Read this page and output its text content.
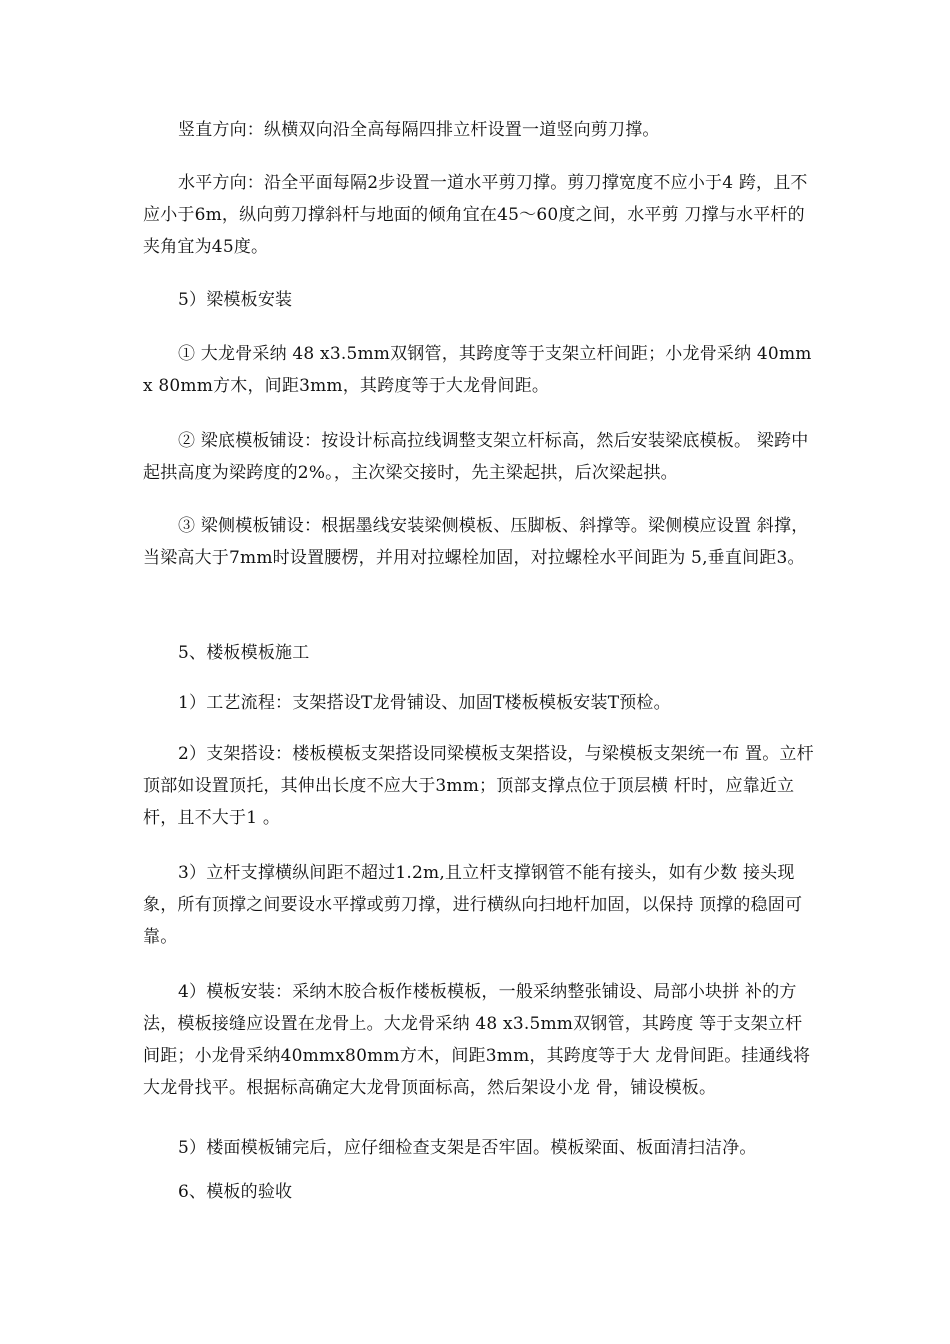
竖直方向：纵横双向沿全高每隔四排立杆设置一道竖向剪刀撑。

水平方向：沿全平面每隔2步设置一道水平剪刀撑。剪刀撑宽度不应小于4 跨，且不应小于6m，纵向剪刀撑斜杆与地面的倾角宜在45〜60度之间，水平剪 刀撑与水平杆的夹角宜为45度。

5）梁模板安装

① 大龙骨采纳 48 x3.5mm双钢管，其跨度等于支架立杆间距；小龙骨采纳 40mm x 80mm方木，间距3mm，其跨度等于大龙骨间距。

② 梁底模板铺设：按设计标高拉线调整支架立杆标高，然后安装梁底模板。 梁跨中起拱高度为梁跨度的2%。，主次梁交接时，先主梁起拱，后次梁起拱。

③ 梁侧模板铺设：根据墨线安装梁侧模板、压脚板、斜撑等。梁侧模应设置 斜撑，当梁高大于7mm时设置腰楞，并用对拉螺栓加固，对拉螺栓水平间距为 5,垂直间距3。

5、楼板模板施工

1）工艺流程：支架搭设T龙骨铺设、加固T楼板模板安装T预检。

2）支架搭设：楼板模板支架搭设同梁模板支架搭设，与梁模板支架统一布 置。立杆顶部如设置顶托，其伸出长度不应大于3mm；顶部支撑点位于顶层横 杆时，应靠近立杆，且不大于1 。

3）立杆支撑横纵间距不超过1.2m,且立杆支撑钢管不能有接头，如有少数 接头现象，所有顶撑之间要设水平撑或剪刀撑，进行横纵向扫地杆加固，以保持 顶撑的稳固可靠。

4）模板安装：采纳木胶合板作楼板模板，一般采纳整张铺设、局部小块拼 补的方法，模板接缝应设置在龙骨上。大龙骨采纳 48 x3.5mm双钢管，其跨度 等于支架立杆间距；小龙骨采纳40mmx80mm方木，间距3mm，其跨度等于大 龙骨间距。挂通线将大龙骨找平。根据标高确定大龙骨顶面标高，然后架设小龙 骨，铺设模板。

5）楼面模板铺完后，应仔细检查支架是否牢固。模板梁面、板面清扫洁净。

6、模板的验收
